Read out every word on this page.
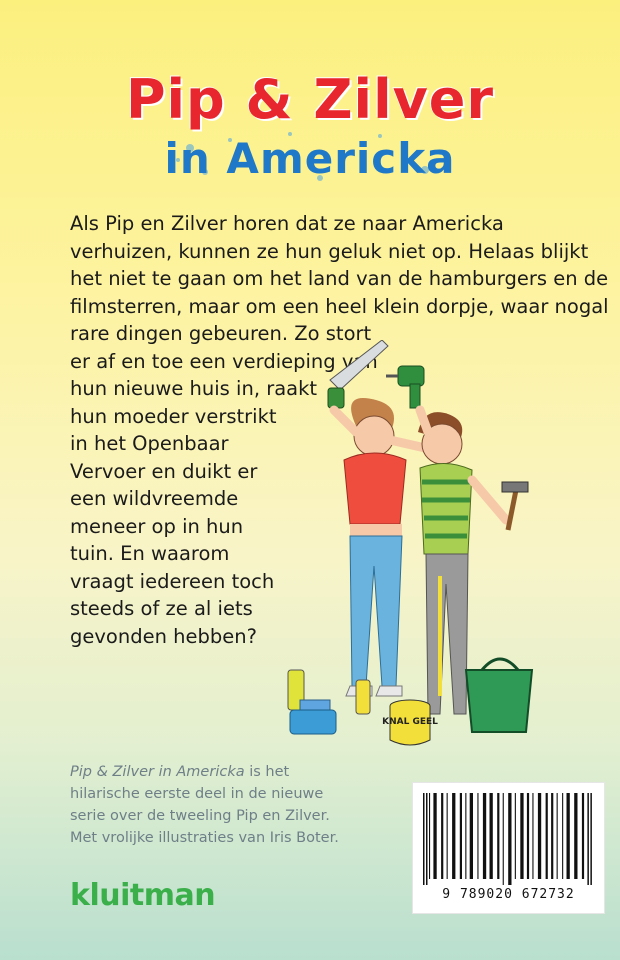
Pip & Zilver
in Americka
Als Pip en Zilver horen dat ze naar Americka
verhuizen, kunnen ze hun geluk niet op. Helaas blijkt
het niet te gaan om het land van de hamburgers en de
filmsterren, maar om een heel klein dorpje, waar nogal
rare dingen gebeuren. Zo stort
er af en toe een verdieping van
hun nieuwe huis in, raakt
hun moeder verstrikt
in het Openbaar
Vervoer en duikt er
een wildvreemde
meneer op in hun
tuin. En waarom
vraagt iedereen toch
steeds of ze al iets
gevonden hebben?
KNAL GEEL
Pip & Zilver in Americka is het
hilarische eerste deel in de nieuwe
serie over de tweeling Pip en Zilver.
Met vrolijke illustraties van Iris Boter.
kluitman	9 789020 672732
